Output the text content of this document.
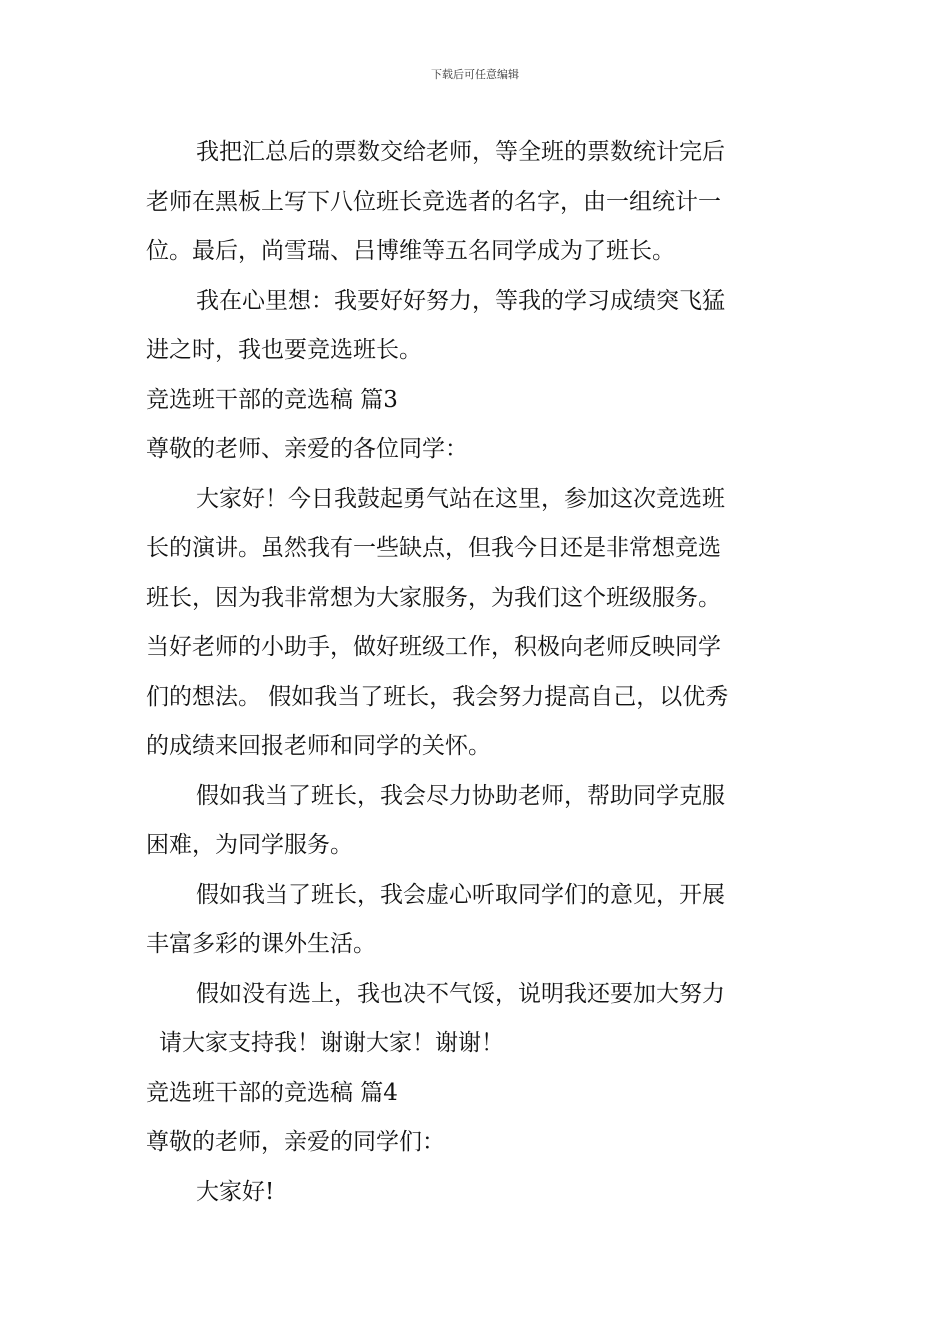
下载后可任意编辑
我把汇总后的票数交给老师，等全班的票数统计完后
老师在黑板上写下八位班长竞选者的名字，由一组统计一
位。最后，尚雪瑞、吕博维等五名同学成为了班长。
我在心里想：我要好好努力，等我的学习成绩突飞猛
进之时，我也要竞选班长。
竞选班干部的竞选稿 篇3
尊敬的老师、亲爱的各位同学：
大家好！今日我鼓起勇气站在这里，参加这次竞选班
长的演讲。虽然我有一些缺点，但我今日还是非常想竞选
班长，因为我非常想为大家服务，为我们这个班级服务。
当好老师的小助手，做好班级工作，积极向老师反映同学
们的想法。 假如我当了班长，我会努力提高自己，以优秀
的成绩来回报老师和同学的关怀。
假如我当了班长，我会尽力协助老师，帮助同学克服
困难，为同学服务。
假如我当了班长，我会虚心听取同学们的意见，开展
丰富多彩的课外生活。
假如没有选上，我也决不气馁，说明我还要加大努力
请大家支持我！谢谢大家！谢谢！
竞选班干部的竞选稿 篇4
尊敬的老师，亲爱的同学们：
大家好!
